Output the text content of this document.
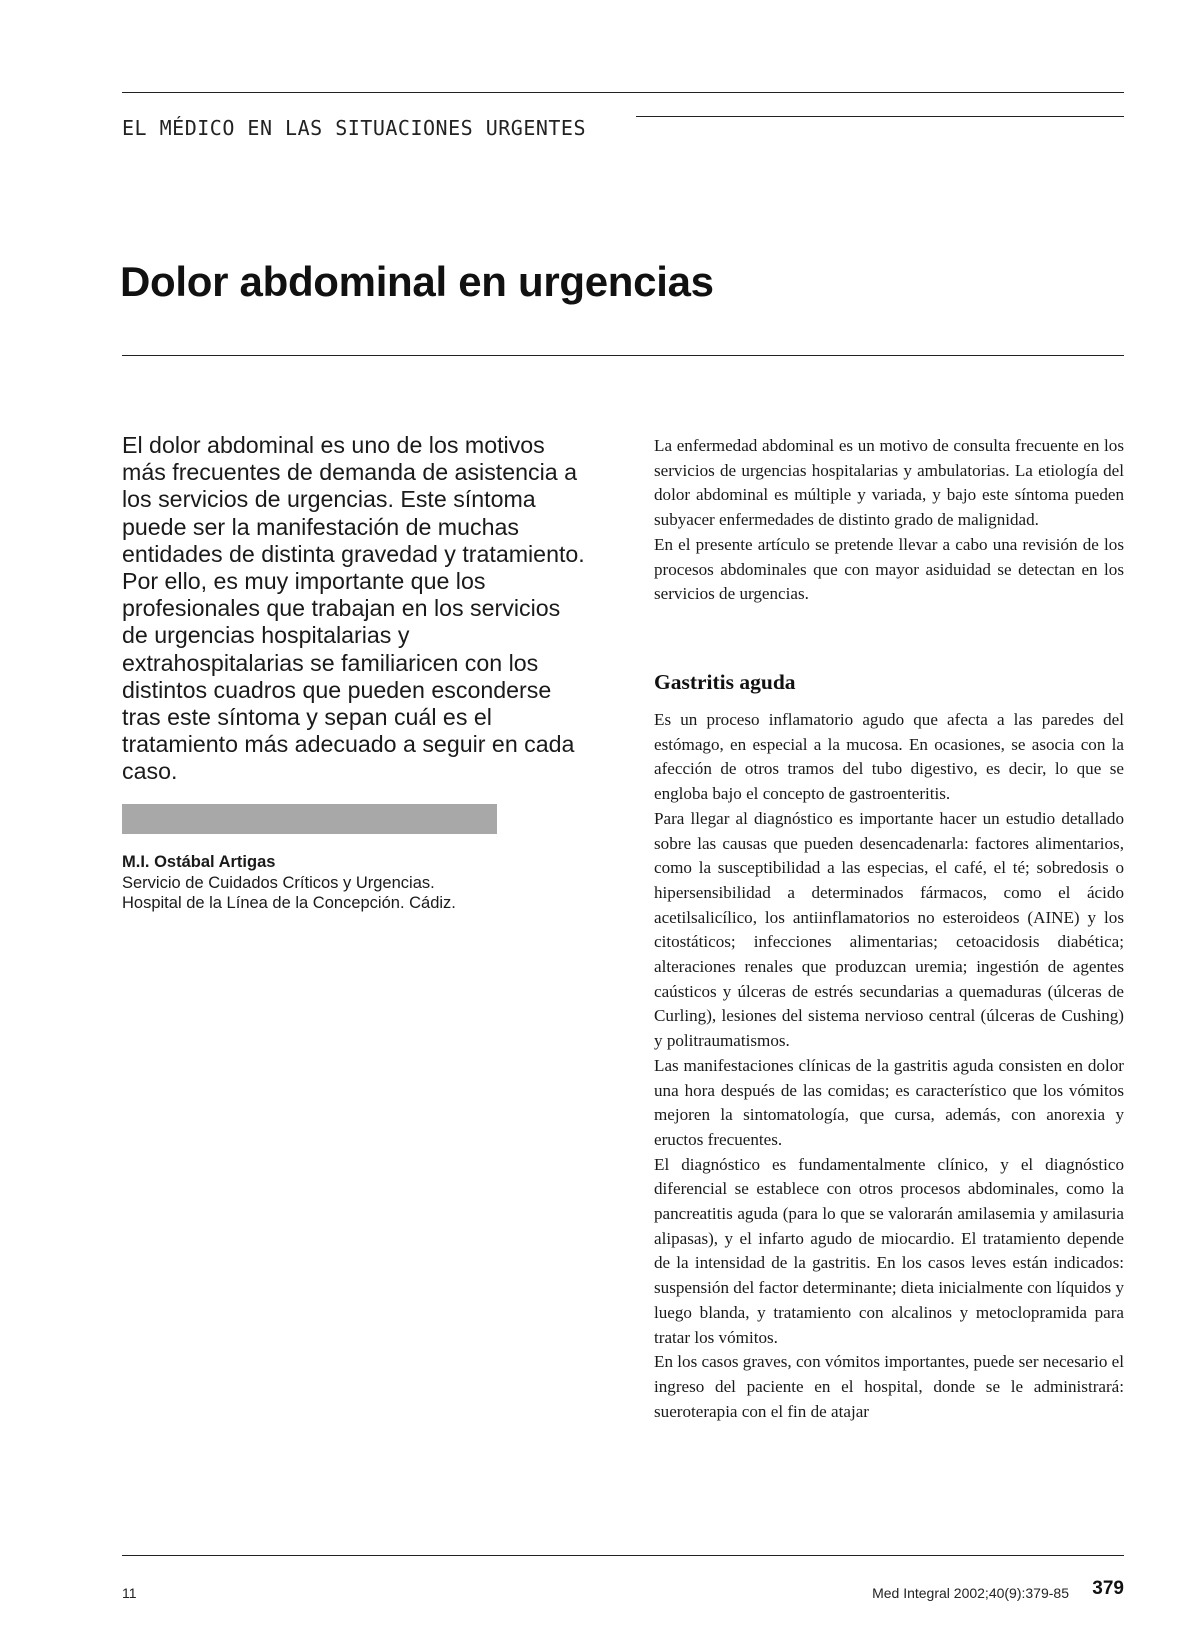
EL MÉDICO EN LAS SITUACIONES URGENTES
Dolor abdominal en urgencias

El dolor abdominal es uno de los motivos más frecuentes de demanda de asistencia a los servicios de urgencias. Este síntoma puede ser la manifestación de muchas entidades de distinta gravedad y tratamiento. Por ello, es muy importante que los profesionales que trabajan en los servicios de urgencias hospitalarias y extrahospitalarias se familiaricen con los distintos cuadros que pueden esconderse tras este síntoma y sepan cuál es el tratamiento más adecuado a seguir en cada caso.

M.I. Ostábal Artigas
Servicio de Cuidados Críticos y Urgencias.
Hospital de la Línea de la Concepción. Cádiz.

La enfermedad abdominal es un motivo de consulta frecuente en los servicios de urgencias hospitalarias y ambulatorias. La etiología del dolor abdominal es múltiple y variada, y bajo este síntoma pueden subyacer enfermedades de distinto grado de malignidad.

En el presente artículo se pretende llevar a cabo una revisión de los procesos abdominales que con mayor asiduidad se detectan en los servicios de urgencias.

Gastritis aguda

Es un proceso inflamatorio agudo que afecta a las paredes del estómago, en especial a la mucosa. En ocasiones, se asocia con la afección de otros tramos del tubo digestivo, es decir, lo que se engloba bajo el concepto de gastroenteritis.

Para llegar al diagnóstico es importante hacer un estudio detallado sobre las causas que pueden desencadenarla: factores alimentarios, como la susceptibilidad a las especias, el café, el té; sobredosis o hipersensibilidad a determinados fármacos, como el ácido acetilsalicílico, los antiinflamatorios no esteroideos (AINE) y los citostáticos; infecciones alimentarias; cetoacidosis diabética; alteraciones renales que produzcan uremia; ingestión de agentes caústicos y úlceras de estrés secundarias a quemaduras (úlceras de Curling), lesiones del sistema nervioso central (úlceras de Cushing) y politraumatismos.

Las manifestaciones clínicas de la gastritis aguda consisten en dolor una hora después de las comidas; es característico que los vómitos mejoren la sintomatología, que cursa, además, con anorexia y eructos frecuentes.

El diagnóstico es fundamentalmente clínico, y el diagnóstico diferencial se establece con otros procesos abdominales, como la pancreatitis aguda (para lo que se valorarán amilasemia y amilasuria alipasas), y el infarto agudo de miocardio. El tratamiento depende de la intensidad de la gastritis. En los casos leves están indicados: suspensión del factor determinante; dieta inicialmente con líquidos y luego blanda, y tratamiento con alcalinos y metoclopramida para tratar los vómitos.

En los casos graves, con vómitos importantes, puede ser necesario el ingreso del paciente en el hospital, donde se le administrará: sueroterapia con el fin de atajar

11	Med Integral 2002;40(9):379-85 379
